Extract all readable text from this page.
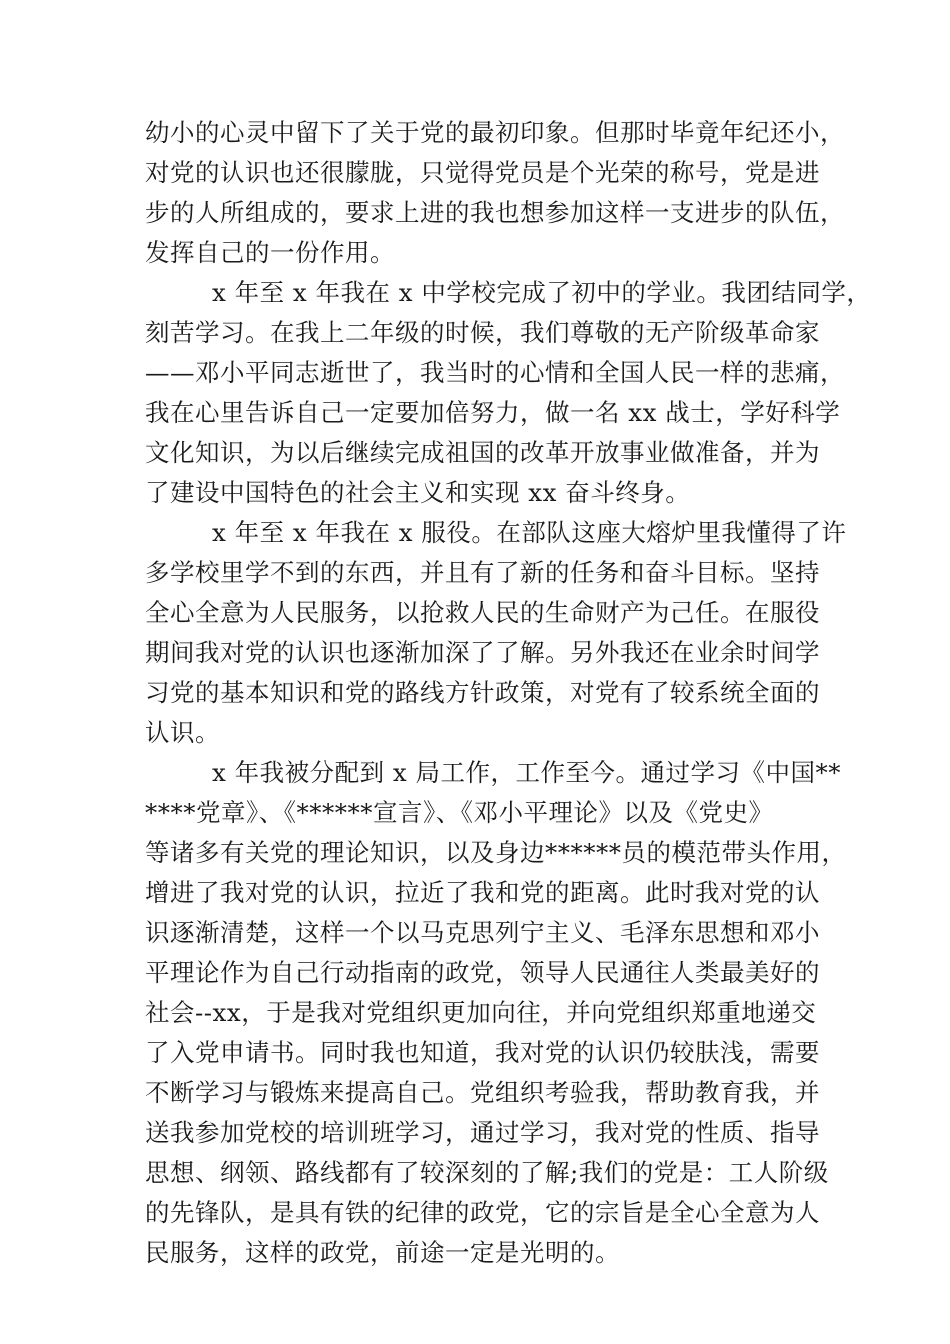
幼小的心灵中留下了关于党的最初印象。但那时毕竟年纪还小，
对党的认识也还很朦胧，只觉得党员是个光荣的称号，党是进
步的人所组成的，要求上进的我也想参加这样一支进步的队伍，
发挥自己的一份作用。
x 年至 x 年我在 x 中学校完成了初中的学业。我团结同学，
刻苦学习。在我上二年级的时候，我们尊敬的无产阶级革命家
——邓小平同志逝世了，我当时的心情和全国人民一样的悲痛，
我在心里告诉自己一定要加倍努力，做一名 xx 战士，学好科学
文化知识，为以后继续完成祖国的改革开放事业做准备，并为
了建设中国特色的社会主义和实现 xx 奋斗终身。
x 年至 x 年我在 x 服役。在部队这座大熔炉里我懂得了许
多学校里学不到的东西，并且有了新的任务和奋斗目标。坚持
全心全意为人民服务，以抢救人民的生命财产为己任。在服役
期间我对党的认识也逐渐加深了了解。另外我还在业余时间学
习党的基本知识和党的路线方针政策，对党有了较系统全面的
认识。
x 年我被分配到 x 局工作，工作至今。通过学习《中国**
****党章》、《******宣言》、《邓小平理论》以及《党史》
等诸多有关党的理论知识，以及身边******员的模范带头作用，
增进了我对党的认识，拉近了我和党的距离。此时我对党的认
识逐渐清楚，这样一个以马克思列宁主义、毛泽东思想和邓小
平理论作为自己行动指南的政党，领导人民通往人类最美好的
社会--xx，于是我对党组织更加向往，并向党组织郑重地递交
了入党申请书。同时我也知道，我对党的认识仍较肤浅，需要
不断学习与锻炼来提高自己。党组织考验我，帮助教育我，并
送我参加党校的培训班学习，通过学习，我对党的性质、指导
思想、纲领、路线都有了较深刻的了解;我们的党是：工人阶级
的先锋队，是具有铁的纪律的政党，它的宗旨是全心全意为人
民服务，这样的政党，前途一定是光明的。
